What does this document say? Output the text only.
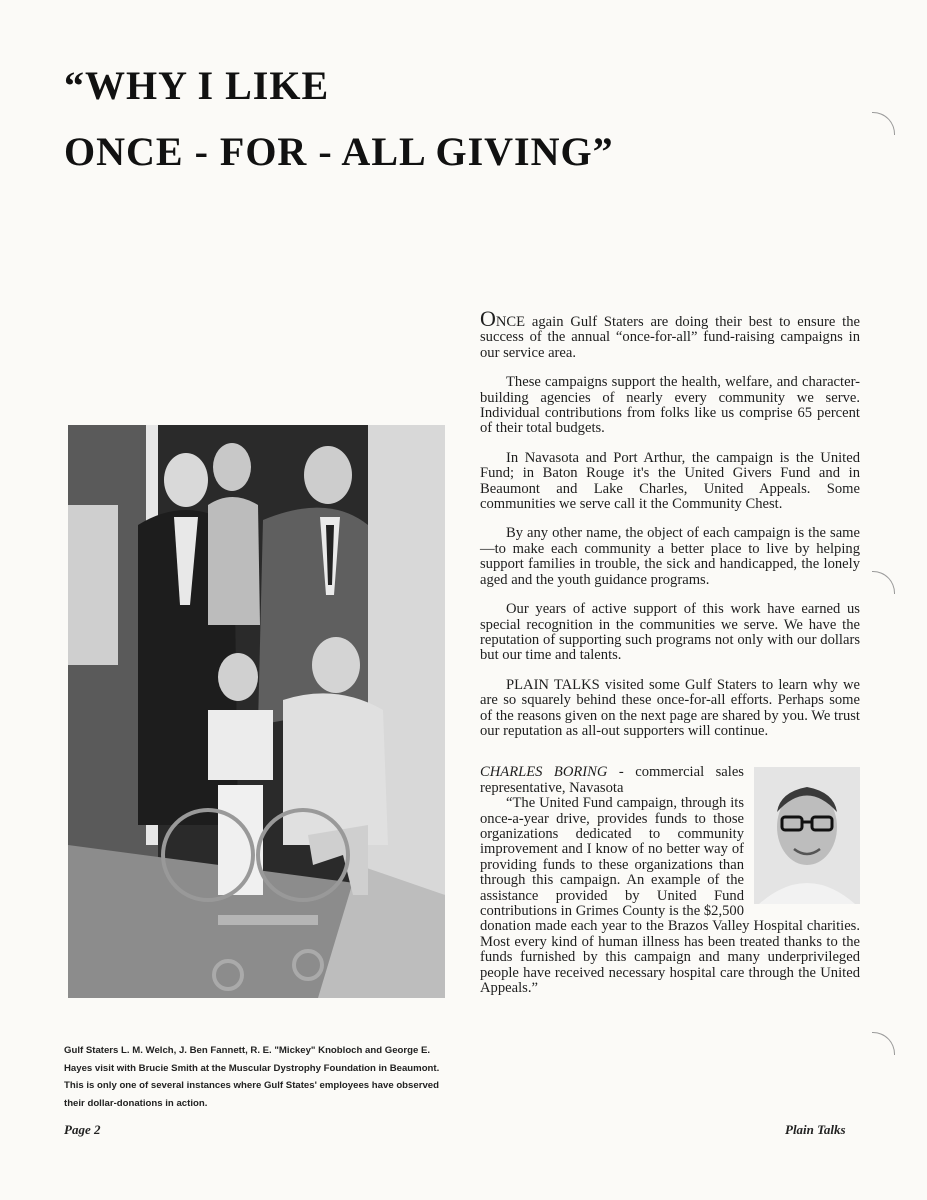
“WHY I LIKE
ONCE - FOR - ALL GIVING”
Gulf Staters L. M. Welch, J. Ben Fannett, R. E. "Mickey" Knobloch and George E. Hayes visit with Brucie Smith at the Muscular Dystrophy Foundation in Beaumont. This is only one of several instances where Gulf States' employees have observed their dollar-donations in action.

ONCE again Gulf Staters are doing their best to ensure the success of the annual “once-for-all” fund-raising campaigns in our service area.

These campaigns support the health, welfare, and character-building agencies of nearly every community we serve. Individual contributions from folks like us comprise 65 percent of their total budgets.

In Navasota and Port Arthur, the campaign is the United Fund; in Baton Rouge it's the United Givers Fund and in Beaumont and Lake Charles, United Appeals. Some communities we serve call it the Community Chest.

By any other name, the object of each campaign is the same—to make each community a better place to live by helping support families in trouble, the sick and handicapped, the lonely aged and the youth guidance programs.

Our years of active support of this work have earned us special recognition in the communities we serve. We have the reputation of supporting such programs not only with our dollars but our time and talents.

PLAIN TALKS visited some Gulf Staters to learn why we are so squarely behind these once-for-all efforts. Perhaps some of the reasons given on the next page are shared by you. We trust our reputation as all-out supporters will continue.

CHARLES BORING - commercial sales representative, Navasota
“The United Fund campaign, through its once-a-year drive, provides funds to those organizations dedicated to community improvement and I know of no better way of providing funds to these organizations than through this campaign. An example of the assistance provided by United Fund contributions in Grimes County is the $2,500 donation made each year to the Brazos Valley Hospital charities. Most every kind of human illness has been treated thanks to the funds furnished by this campaign and many underprivileged people have received necessary hospital care through the United Appeals.”
Page 2	Plain Talks
